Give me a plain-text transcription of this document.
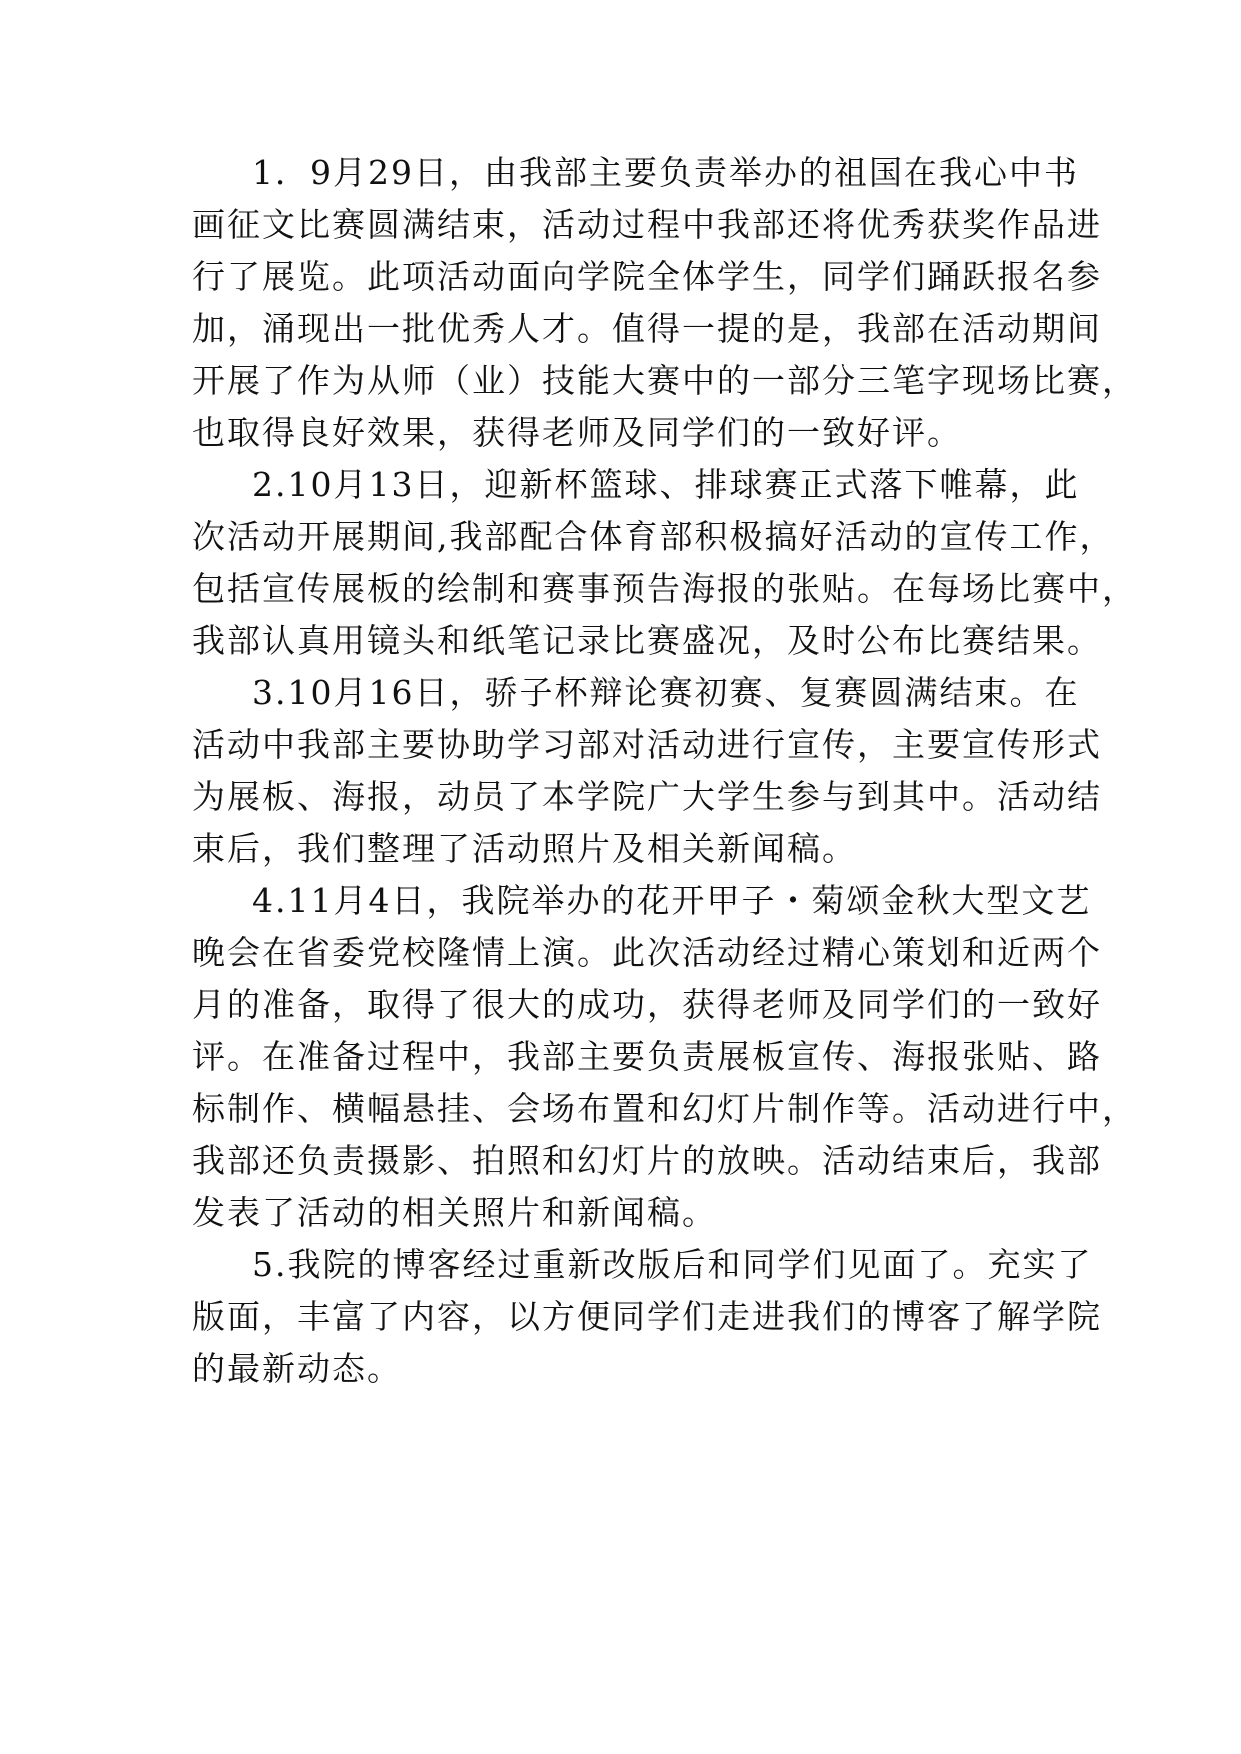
1．9月29日，由我部主要负责举办的祖国在我心中书

画征文比赛圆满结束，活动过程中我部还将优秀获奖作品进

行了展览。此项活动面向学院全体学生，同学们踊跃报名参

加，涌现出一批优秀人才。值得一提的是，我部在活动期间

开展了作为从师（业）技能大赛中的一部分三笔字现场比赛，

也取得良好效果，获得老师及同学们的一致好评。

2.10月13日，迎新杯篮球、排球赛正式落下帷幕，此

次活动开展期间,我部配合体育部积极搞好活动的宣传工作，

包括宣传展板的绘制和赛事预告海报的张贴。在每场比赛中，

我部认真用镜头和纸笔记录比赛盛况，及时公布比赛结果。

3.10月16日，骄子杯辩论赛初赛、复赛圆满结束。在

活动中我部主要协助学习部对活动进行宣传，主要宣传形式

为展板、海报，动员了本学院广大学生参与到其中。活动结

束后，我们整理了活动照片及相关新闻稿。

4.11月4日，我院举办的花开甲子・菊颂金秋大型文艺

晚会在省委党校隆情上演。此次活动经过精心策划和近两个

月的准备，取得了很大的成功，获得老师及同学们的一致好

评。在准备过程中，我部主要负责展板宣传、海报张贴、路

标制作、横幅悬挂、会场布置和幻灯片制作等。活动进行中，

我部还负责摄影、拍照和幻灯片的放映。活动结束后，我部

发表了活动的相关照片和新闻稿。

5.我院的博客经过重新改版后和同学们见面了。充实了

版面，丰富了内容，以方便同学们走进我们的博客了解学院

的最新动态。
